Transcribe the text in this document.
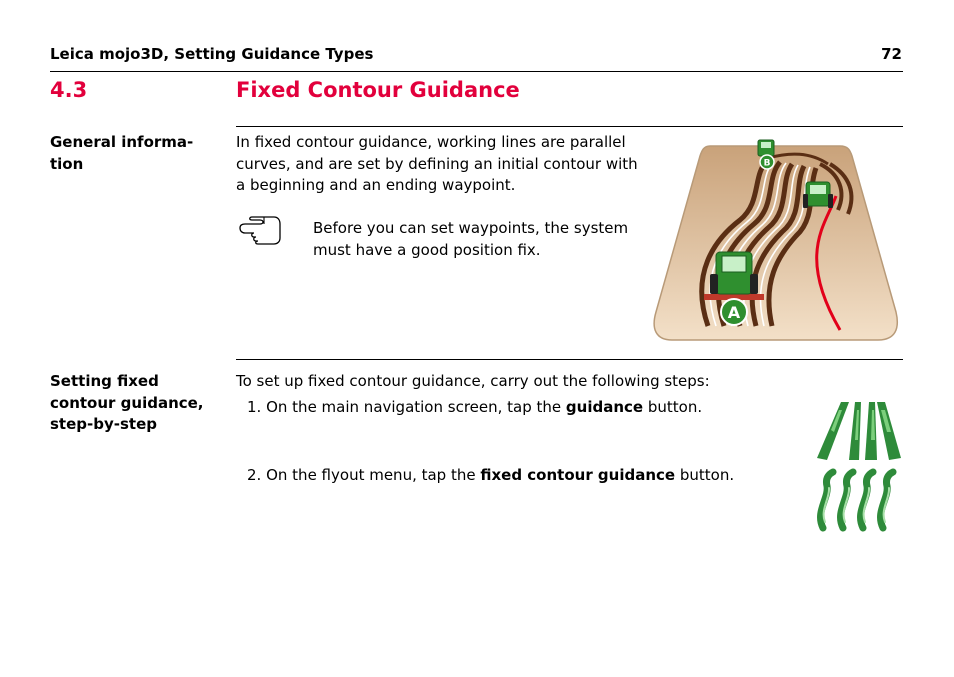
Leica mojo3D, Setting Guidance Types	72
4.3	Fixed Contour Guidance
General informa- tion
In fixed contour guidance, working lines are parallel curves, and are set by defining an initial contour with a beginning and an ending waypoint.
Before you can set waypoints, the system must have a good position fix.
A
B
Setting fixed contour guidance, step-by-step
To set up fixed contour guidance, carry out the following steps:
1. On the main navigation screen, tap the guidance button.
2. On the flyout menu, tap the fixed contour guidance button.
